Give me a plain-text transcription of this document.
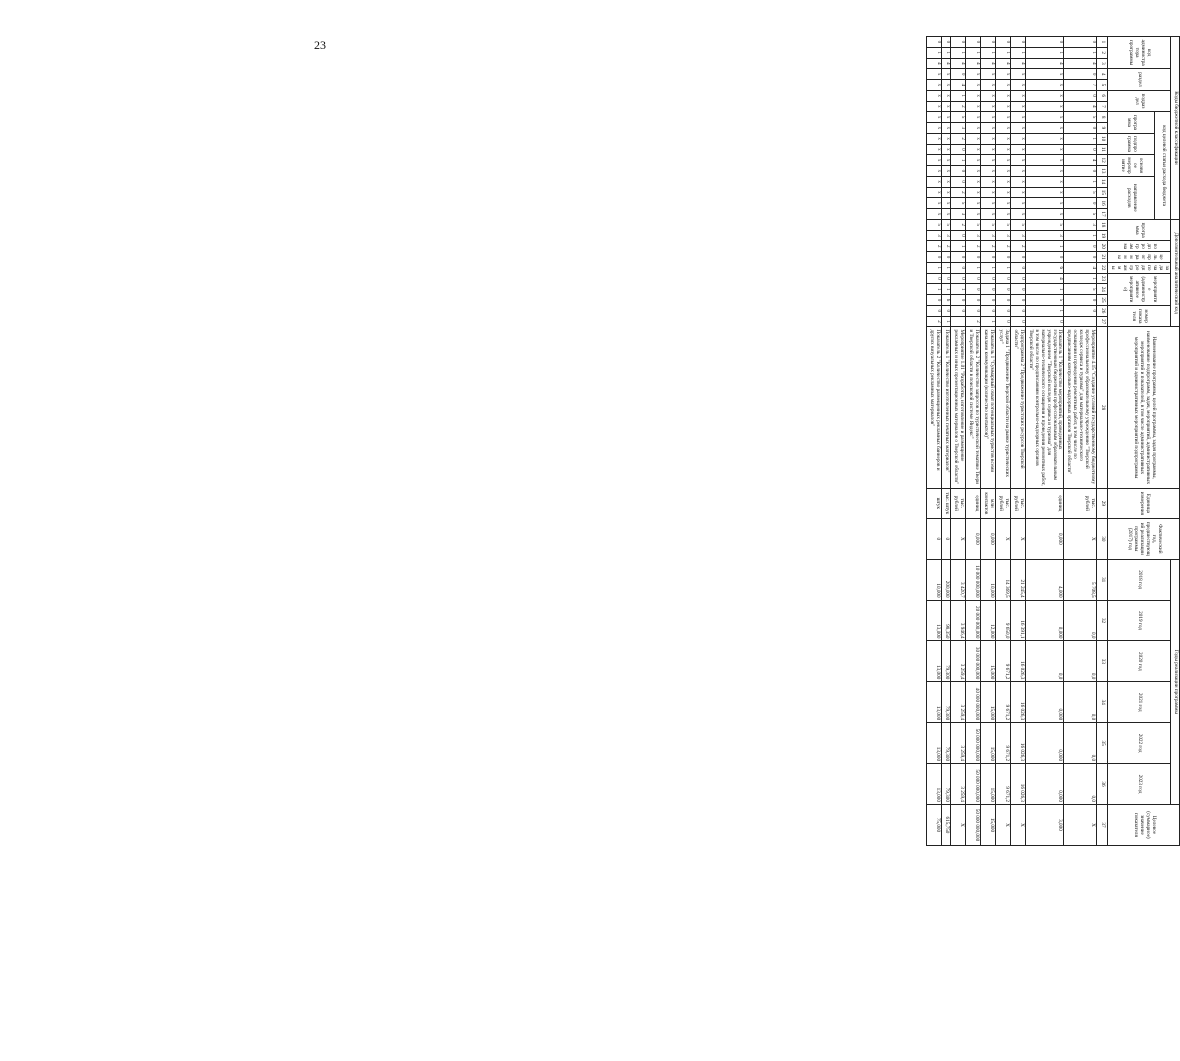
23
Коды бюджетной классификации																	Дополнительный аналитический код										Наименование программы, целей программы, задач программы, наименование подпрограмм, задач, мероприятий, административных мероприятий и показателей, в том числе административных мероприятий и административных мероприятий подпрограммы	Единица измерения	Фактический год, предшествующий реализации программы (2017) год	Годы реализации программы						Целевое (суммарное) значение показателя
код администратора программы			раздел		подраздел		код целевой статьи расхода бюджета										программа		подпрограмма	цель программы	задача подпрограммы	мероприятие (административное мероприятие)			номер показателя					2018 год	2019 год	2020 год	2021 год	2022 год	2023 год	
							программа		подпрограмма		основное мероприятие		направление расходов																							
1	2	3	4	5	6	7	8	9	10	11	12	13	14	15	16	17	18	19	20	21	22	23	24	25	26	27	28	29	30	31	32	33	34	35	36	37
0	1	4	0	7	0	4	5	0	1	0	4	0	1	5	0	5	3	1	0	0	4	1	5	0	0		Мероприятие 4.15 "Создание условий государственному бюджетному профессиональному образовательному учреждению "Тверской колледж сервиса и туризма" для материально-технического оснащения и проведения ремонтных работ, в том числе по предписаниям контрольно-надзорных органов Тверской области"	тыс. рублей	Х	5 708,5	0,0	0,0	0,0	0,0	0,0	Х
0	1	4	х	х	х	х	х	х	х	х	х	х	х	х	х	х	5	3	1	0	6	4	1	5	1	0	Показатель 1 "Количество мероприятий, проведенных государственным бюджетным профессиональным образовательным учреждением "Тверской колледж сервиса и туризма" для материально-технического оснащения и проведения ремонтных работ, в том числе по предписаниям контрольно-надзорных органов Тверской области"	единиц	0,000	4,000	0,000	0,0	0,000	0,000	0,000	3,000
0	1	4	х	х	х	х	х	х	х	х	х	х	х	х	х	х	5	3	2	0	0	0	0	0	0	0	Подпрограмма 2 "Продвижение туристских ресурсов Тверской области"	тыс. рублей	Х	21 245,4	16 391,1	16 026,3	16 026,3	16 026,3	16 026,3	Х
0	1	4	х	х	х	х	х	х	х	х	х	х	х	х	х	х	5	3	2	0	1	0	0	0	0	0	Задача 1 "Продвижение Тверской области на рынке туристических услуг"	тыс. рублей	Х	14 369,5	9 650,0	9 671,2	9 671,2	9 671,2	9 671,2	Х
0	1	4	х	х	х	х	х	х	х	х	х	х	х	х	х	х	5	3	2	0	1	0	0	0	0	1	Показатель 1 "Суммарный охват потенциальных туристов всеми каналами коммуникации (количество контактов)"	млн контактов	0,000	10,000	12,000	15,000	15,000	15,000	15,000	15,000
0	1	4	х	х	х	х	х	х	х	х	х	х	х	х	х	х	5	3	2	0	1	0	0	0	0	2	Показатель 2 "Количество запросов по туристической тематике Твери и Тверской области в поисковой системе Яндекс"	единиц	0,000	10 000 000,000	20 000 000,000	30 000 000,000	40 000 000,000	50 000 000,000	50 000 000,000	50 000 000,000
0	1	4	0	4	1	2	5	3	2	0	1	0	0	2	5	3	2	0	1	0	0	0	1	0	0		Мероприятие 1.01 "Разработка, изготовление и размещение рекламных и иных презентационных материалов о Тверской области"	тыс. рублей	Х	3 420,7	3 946,4	3 259,4	3 259,4	3 259,4	3 259,4	Х
0	1	4	х	х	х	х	х	х	х	х	х	х	х	х	х	х	5	3	2	0	1	0	1	6	0	1	Показатель 1 "Количество изготовленных печатных материалов"	тыс. штук	0	200,000	98,350	79,300	79,300	79,300	79,300	615,750
0	1	4	х	х	х	х	х	х	х	х	х	х	х	х	х	х	5	3	2	0	1	0	1	0	0	2	Показатель 2 "Количество размещенных рекламных баннеров и других визуальных рекламных материалов"	штук	0	10,000	13,000	13,000	13,000	13,000	13,000	75,000
